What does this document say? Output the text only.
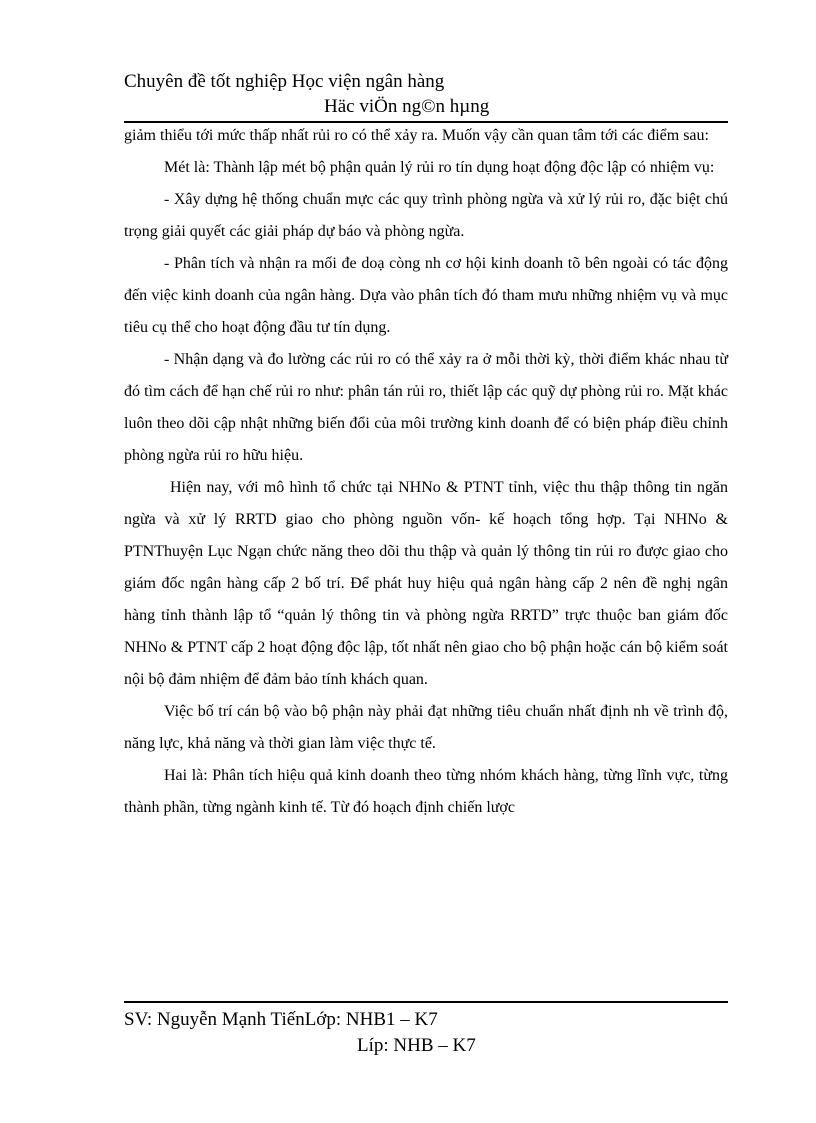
Chuyên đề tốt nghiệp Học viện ngân hàng
Häc viÖn ng©n hµng

giảm thiểu tới mức thấp nhất rủi ro có thể xảy ra. Muốn vậy cần quan tâm tới các điểm sau:

Mét là: Thành lập mét bộ phận quản lý rủi ro tín dụng hoạt động độc lập có nhiệm vụ:

- Xây dựng hệ thống chuẩn mực các quy trình phòng ngừa và xử lý rủi ro, đặc biệt chú trọng giải quyết các giải pháp dự báo và phòng ngừa.

- Phân tích và nhận ra mối đe doạ còng nh cơ hội kinh doanh tõ bên ngoài có tác động đến việc kinh doanh của ngân hàng. Dựa vào phân tích đó tham mưu những nhiệm vụ và mục tiêu cụ thể cho hoạt động đầu tư tín dụng.

- Nhận dạng và đo lường các rủi ro có thể xảy ra ở mỗi thời kỳ, thời điểm khác nhau từ đó tìm cách để hạn chế rủi ro như: phân tán rủi ro, thiết lập các quỹ dự phòng rủi ro. Mặt khác luôn theo dõi cập nhật những biến đổi của môi trường kinh doanh để có biện pháp điều chỉnh phòng ngừa rủi ro hữu hiệu.

Hiện nay, với mô hình tổ chức tại NHNo & PTNT tỉnh, việc thu thập thông tin ngăn ngừa và xử lý RRTD giao cho phòng nguồn vốn- kế hoạch tổng hợp. Tại NHNo & PTNThuyện Lục Ngạn chức năng theo dõi thu thập và quản lý thông tin rủi ro được giao cho giám đốc ngân hàng cấp 2 bố trí. Để phát huy hiệu quả ngân hàng cấp 2 nên đề nghị ngân hàng tỉnh thành lập tổ “quản lý thông tin và phòng ngừa RRTD” trực thuộc ban giám đốc NHNo & PTNT cấp 2 hoạt động độc lập, tốt nhất nên giao cho bộ phận hoặc cán bộ kiểm soát nội bộ đảm nhiệm để đảm bảo tính khách quan.

Việc bố trí cán bộ vào bộ phận này phải đạt những tiêu chuẩn nhất định nh về trình độ, năng lực, khả năng và thời gian làm việc thực tế.

Hai là: Phân tích hiệu quả kinh doanh theo từng nhóm khách hàng, từng lĩnh vực, từng thành phần, từng ngành kinh tế. Từ đó hoạch định chiến lược

SV: Nguyễn Mạnh TiếnLớp: NHB1 – K7
Líp: NHB – K7
